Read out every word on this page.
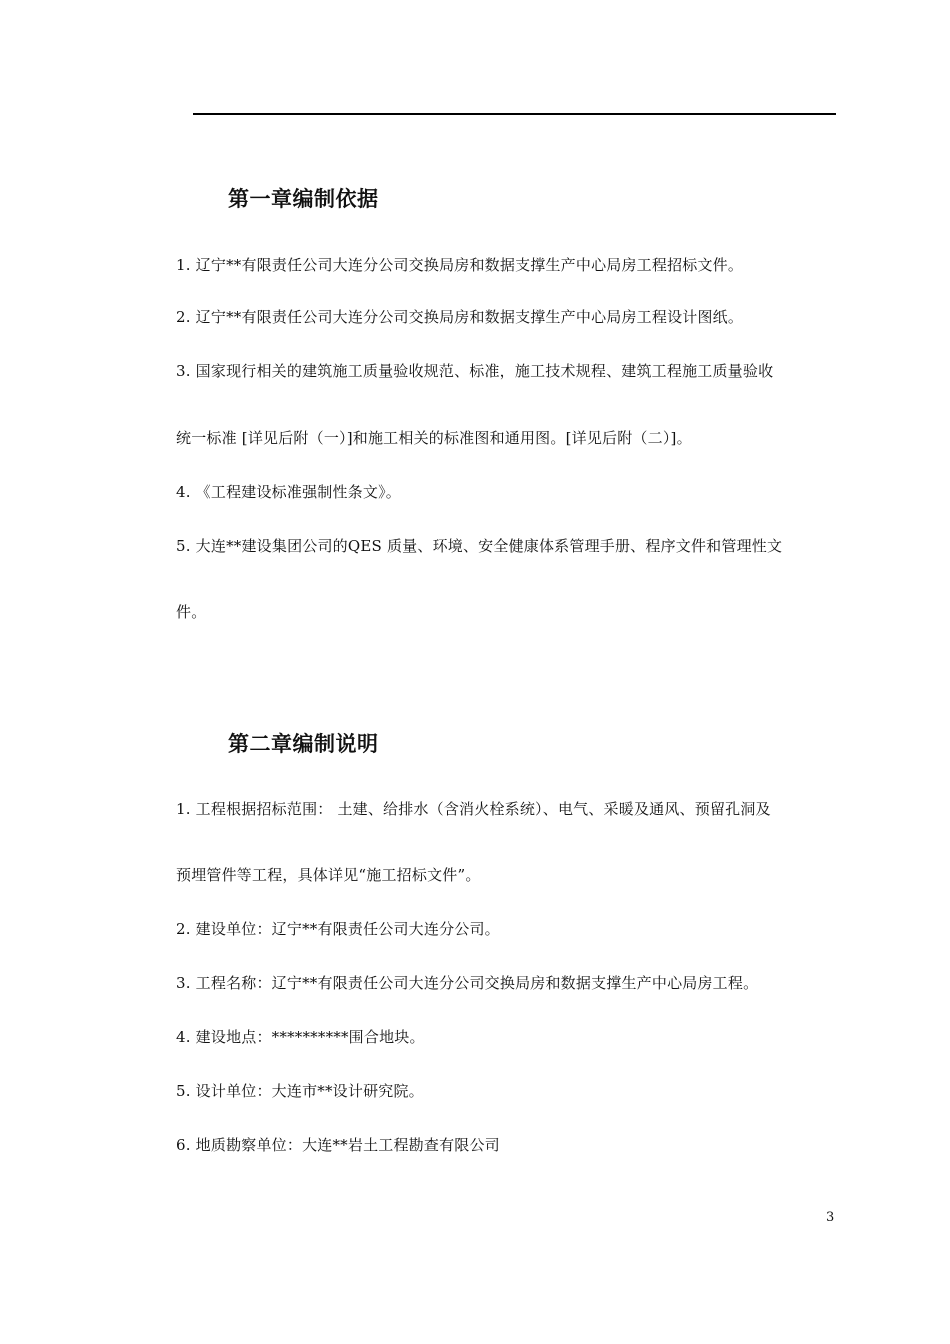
第一章编制依据
1. 辽宁**有限责任公司大连分公司交换局房和数据支撑生产中心局房工程招标文件。
2. 辽宁**有限责任公司大连分公司交换局房和数据支撑生产中心局房工程设计图纸。
3. 国家现行相关的建筑施工质量验收规范、标准，施工技术规程、建筑工程施工质量验收
统一标准 [详见后附（一）]和施工相关的标准图和通用图。[详见后附（二）]。
4. 《工程建设标准强制性条文》。
5. 大连**建设集团公司的QES 质量、环境、安全健康体系管理手册、程序文件和管理性文
件。
第二章编制说明
1. 工程根据招标范围： 土建、给排水（含消火栓系统）、电气、采暖及通风、预留孔洞及
预埋管件等工程，具体详见“施工招标文件”。
2. 建设单位：辽宁**有限责任公司大连分公司。
3. 工程名称：辽宁**有限责任公司大连分公司交换局房和数据支撑生产中心局房工程。
4. 建设地点：**********围合地块。
5. 设计单位：大连市**设计研究院。
6. 地质勘察单位：大连**岩土工程勘查有限公司
3
